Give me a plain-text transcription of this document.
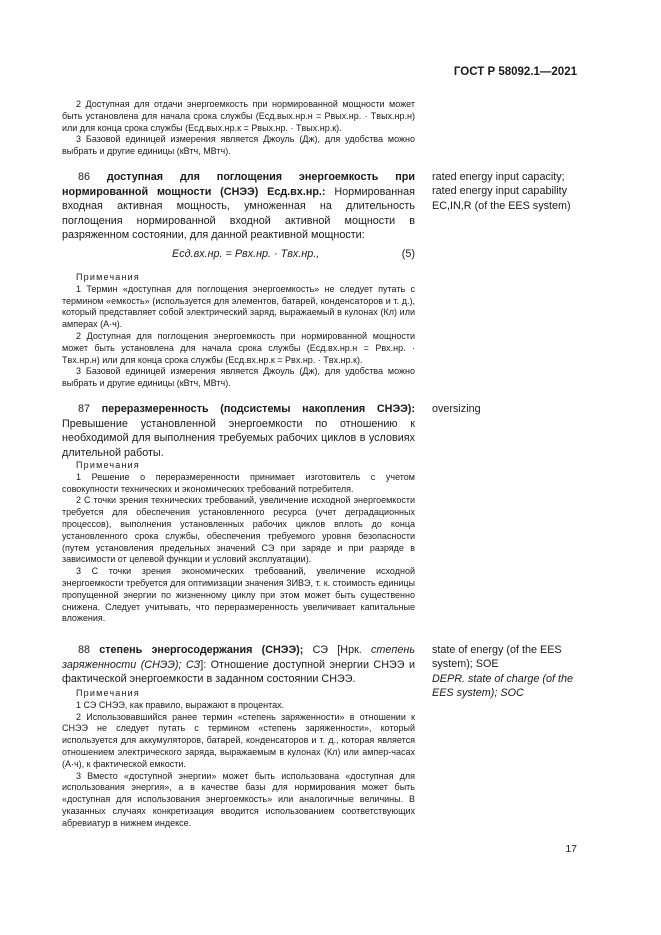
ГОСТ Р 58092.1—2021

2 Доступная для отдачи энергоемкость при нормированной мощности может быть установлена для начала срока службы (Eсд.вых.нр.н = Pвых.нр. · Tвых.нр.н) или для конца срока службы (Eсд.вых.нр.к = Pвых.нр. · Tвых.нр.к).

3 Базовой единицей измерения является Джоуль (Дж), для удобства можно выбрать и другие единицы (кВтч, МВтч).

86 доступная для поглощения энергоемкость при нормированной мощности (СНЭЭ) Eсд.вх.нр.: Нормированная входная активная мощность, умноженная на длительность поглощения нормированной входной активной мощности в разряженном состоянии, для данной реактивной мощности:

rated energy input capacity;
rated energy input capability
EC,IN,R (of the EES system)
Eсд.вх.нр. = Pвх.нр. · Tвх.нр.,	(5)

Примечания

1 Термин «доступная для поглощения энергоемкость» не следует путать с термином «емкость» (используется для элементов, батарей, конденсаторов и т. д.), который представляет собой электрический заряд, выражаемый в кулонах (Кл) или амперах (А·ч).

2 Доступная для поглощения энергоемкость при нормированной мощности может быть установлена для начала срока службы (Eсд.вх.нр.н = Pвх.нр. · Tвх.нр.н) или для конца срока службы (Eсд.вх.нр.к = Pвх.нр. · Tвх.нр.к).

3 Базовой единицей измерения является Джоуль (Дж), для удобства можно выбрать и другие единицы (кВтч, МВтч).

87 переразмеренность (подсистемы накопления СНЭЭ): Превышение установленной энергоемкости по отношению к необходимой для выполнения требуемых рабочих циклов в условиях длительной работы.

oversizing

Примечания

1 Решение о переразмеренности принимает изготовитель с учетом совокупности технических и экономических требований потребителя.

2 С точки зрения технических требований, увеличение исходной энергоемкости требуется для обеспечения установленного ресурса (учет деградационных процессов), выполнения установленных рабочих циклов вплоть до конца установленного срока службы, обеспечения требуемого уровня безопасности (путем установления предельных значений СЭ при заряде и при разряде в зависимости от целевой функции и условий эксплуатации).

3 С точки зрения экономических требований, увеличение исходной энергоемкости требуется для оптимизации значения ЗИВЭ, т. к. стоимость единицы пропущенной энергии по жизненному циклу при этом может быть существенно снижена. Следует учитывать, что переразмеренность увеличивает капитальные вложения.

88 степень энергосодержания (СНЭЭ); СЭ [Нрк. степень заряженности (СНЭЭ); СЗ]: Отношение доступной энергии СНЭЭ и фактической энергоемкости в заданном состоянии СНЭЭ.

state of energy (of the EES system); SOE
DEPR. state of charge (of the
EES system); SOC

Примечания

1 СЭ СНЭЭ, как правило, выражают в процентах.

2 Использовавшийся ранее термин «степень заряженности» в отношении к СНЭЭ не следует путать с термином «степень заряженности», который используется для аккумуляторов, батарей, конденсаторов и т. д., которая является отношением электрического заряда, выражаемым в кулонах (Кл) или ампер-часах (А·ч), к фактической емкости.

3 Вместо «доступной энергии» может быть использована «доступная для использования энергия», а в качестве базы для нормирования может быть «доступная для использования энергоемкость» или аналогичные величины. В указанных случаях конкретизация вводится использованием соответствующих абревиатур в нижнем индексе.

17
